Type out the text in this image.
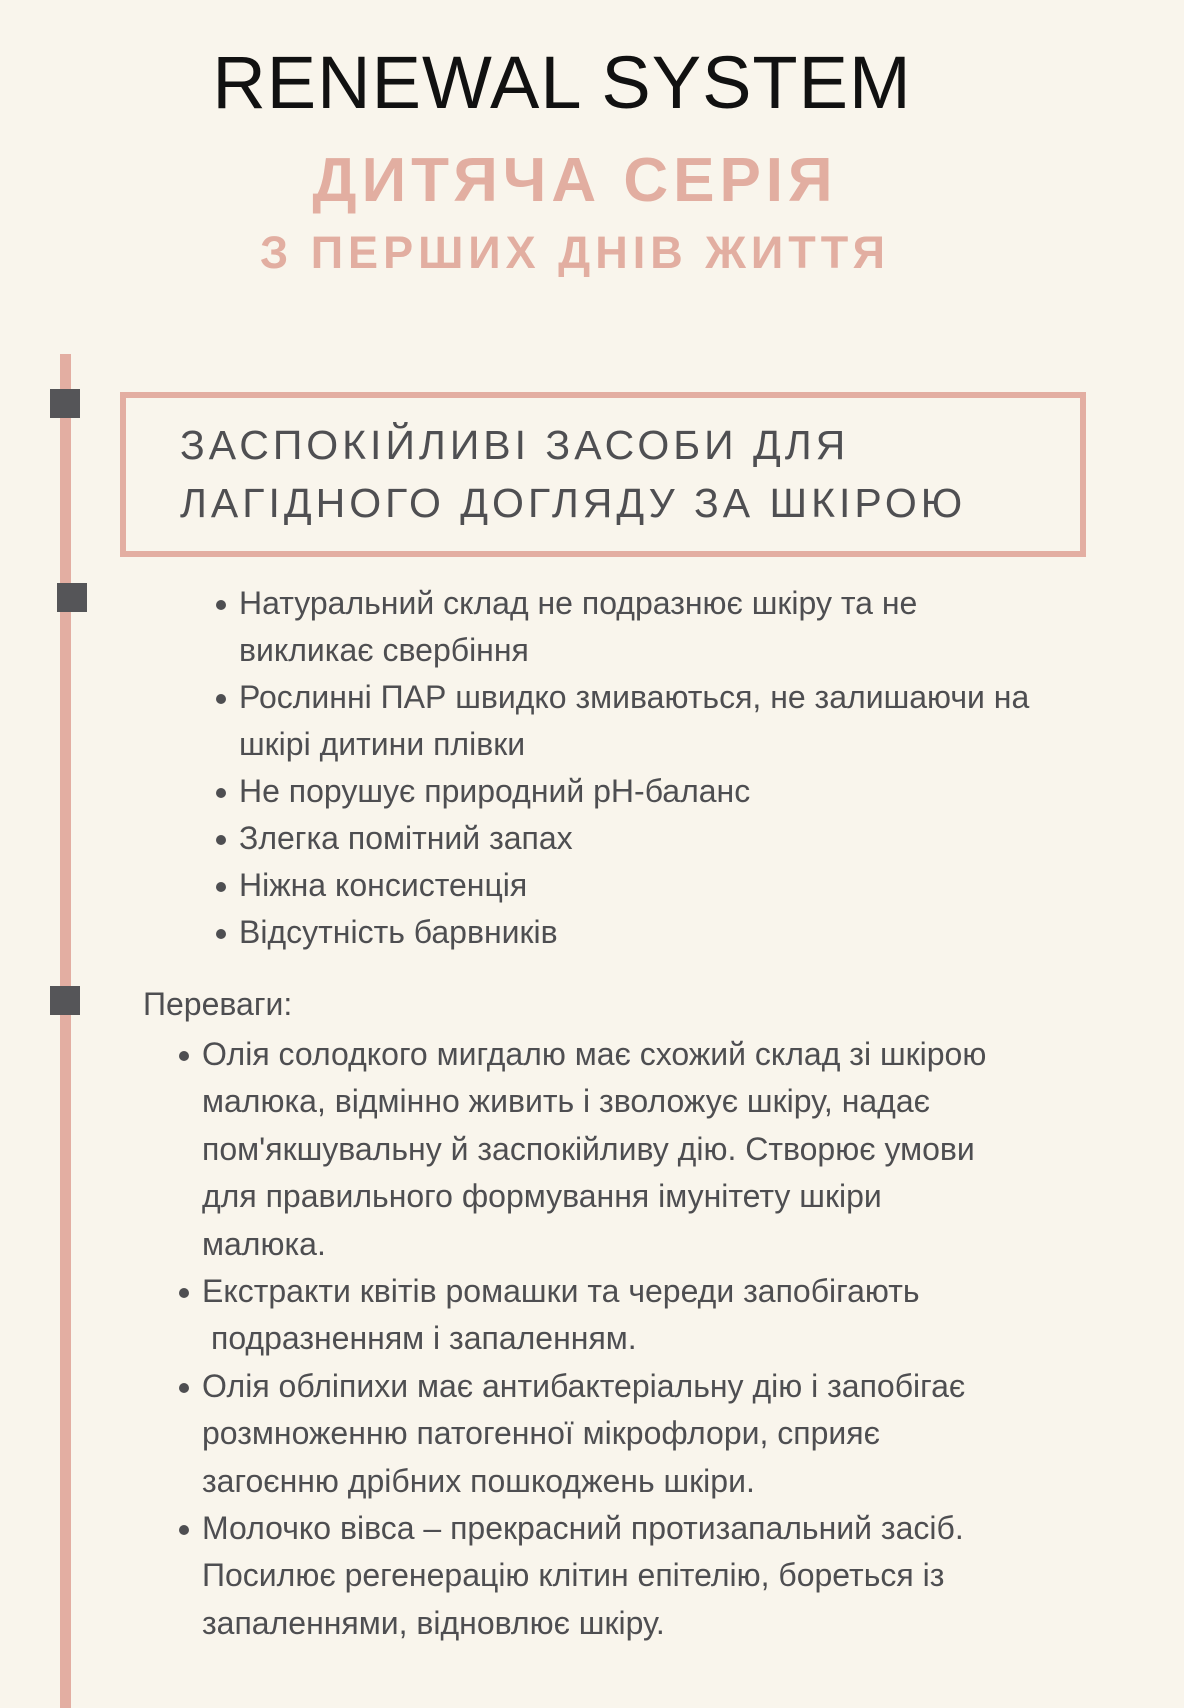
RENEWAL SYSTEM
ДИТЯЧА СЕРІЯ
З ПЕРШИХ ДНІВ ЖИТТЯ
ЗАСПОКІЙЛИВІ ЗАСОБИ ДЛЯ
ЛАГІДНОГО ДОГЛЯДУ ЗА ШКІРОЮ
Натуральний склад не подразнює шкіру та не
викликає свербіння
Рослинні ПАР швидко змиваються, не залишаючи на
шкірі дитини плівки
Не порушує природний pH-баланс
Злегка помітний запах
Ніжна консистенція
Відсутність барвників
Переваги:
Олія солодкого мигдалю має схожий склад зі шкірою
малюка, відмінно живить і зволожує шкіру, надає
пом'якшувальну й заспокійливу дію. Створює умови
для правильного формування імунітету шкіри
малюка.
Екстракти квітів ромашки та череди запобігають
подразненням і запаленням.
Олія обліпихи має антибактеріальну дію і запобігає
розмноженню патогенної мікрофлори, сприяє
загоєнню дрібних пошкоджень шкіри.
Молочко вівса – прекрасний протизапальний засіб.
Посилює регенерацію клітин епітелію, бореться із
запаленнями, відновлює шкіру.
